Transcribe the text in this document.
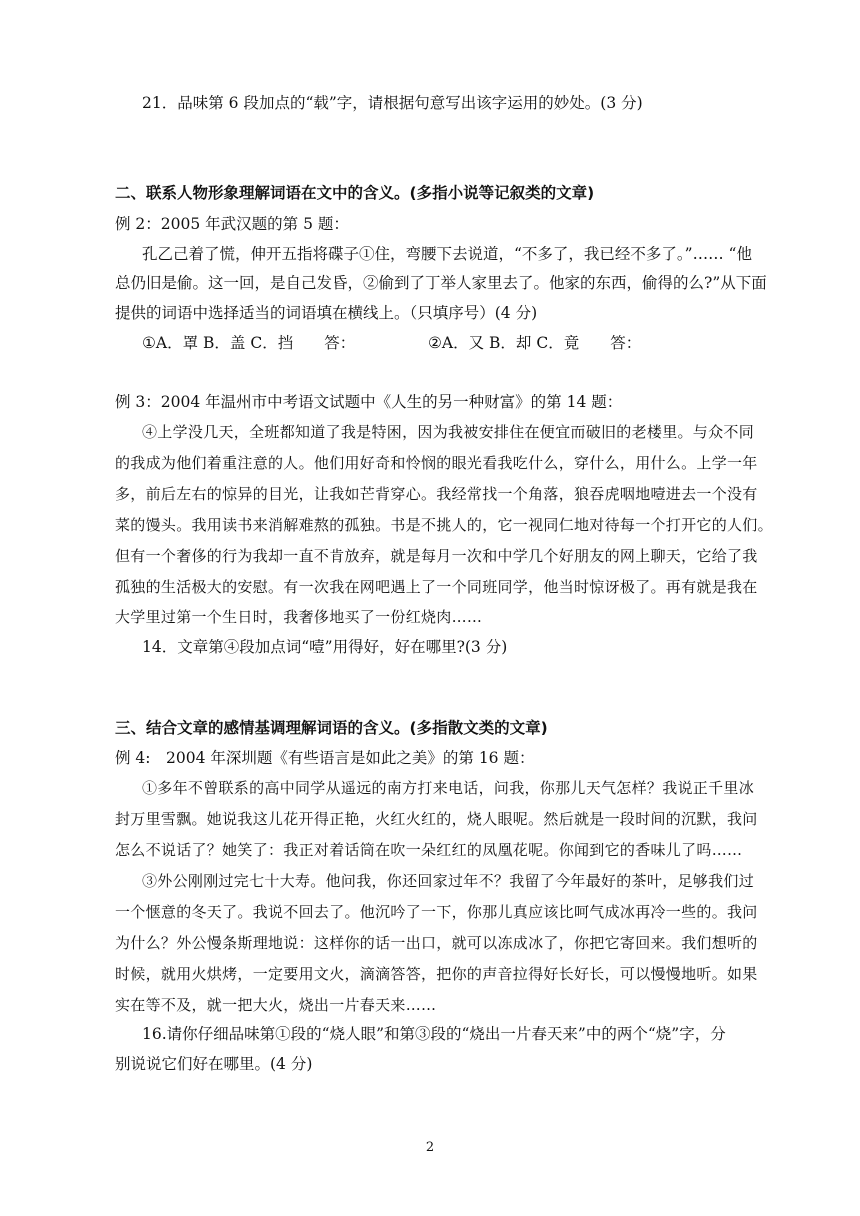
21．品味第 6 段加点的“载”字，请根据句意写出该字运用的妙处。(3 分)
二、联系人物形象理解词语在文中的含义。(多指小说等记叙类的文章)
例 2：2005 年武汉题的第 5 题：
孔乙己着了慌，伸开五指将碟子①住，弯腰下去说道，“不多了，我已经不多了。”…… “他
总仍旧是偷。这一回，是自己发昏，②偷到了丁举人家里去了。他家的东西，偷得的么?”从下面
提供的词语中选择适当的词语填在横线上。（只填序号）(4 分)
①A．罩 B．盖 C．挡　　答：	②A．又 B．却 C．竟　　答：
例 3：2004 年温州市中考语文试题中《人生的另一种财富》的第 14 题：
④上学没几天，全班都知道了我是特困，因为我被安排住在便宜而破旧的老楼里。与众不同
的我成为他们着重注意的人。他们用好奇和怜悯的眼光看我吃什么，穿什么，用什么。上学一年
多，前后左右的惊异的目光，让我如芒背穿心。我经常找一个角落，狼吞虎咽地噎进去一个没有
菜的馒头。我用读书来消解难熬的孤独。书是不挑人的，它一视同仁地对待每一个打开它的人们。
但有一个奢侈的行为我却一直不肯放弃，就是每月一次和中学几个好朋友的网上聊天，它给了我
孤独的生活极大的安慰。有一次我在网吧遇上了一个同班同学，他当时惊讶极了。再有就是我在
大学里过第一个生日时，我奢侈地买了一份红烧肉……
14．文章第④段加点词“噎”用得好，好在哪里?(3 分)
三、结合文章的感情基调理解词语的含义。(多指散文类的文章)
例 4:　2004 年深圳题《有些语言是如此之美》的第 16 题：
①多年不曾联系的高中同学从遥远的南方打来电话，问我，你那儿天气怎样？我说正千里冰
封万里雪飘。她说我这儿花开得正艳，火红火红的，烧人眼呢。然后就是一段时间的沉默，我问
怎么不说话了？她笑了：我正对着话筒在吹一朵红红的凤凰花呢。你闻到它的香味儿了吗……
③外公刚刚过完七十大寿。他问我，你还回家过年不？我留了今年最好的茶叶，足够我们过
一个惬意的冬天了。我说不回去了。他沉吟了一下，你那儿真应该比呵气成冰再冷一些的。我问
为什么？外公慢条斯理地说：这样你的话一出口，就可以冻成冰了，你把它寄回来。我们想听的
时候，就用火烘烤，一定要用文火，滴滴答答，把你的声音拉得好长好长，可以慢慢地听。如果
实在等不及，就一把大火，烧出一片春天来……
16.请你仔细品味第①段的“烧人眼”和第③段的“烧出一片春天来”中的两个“烧”字，分
别说说它们好在哪里。(4 分)
2
